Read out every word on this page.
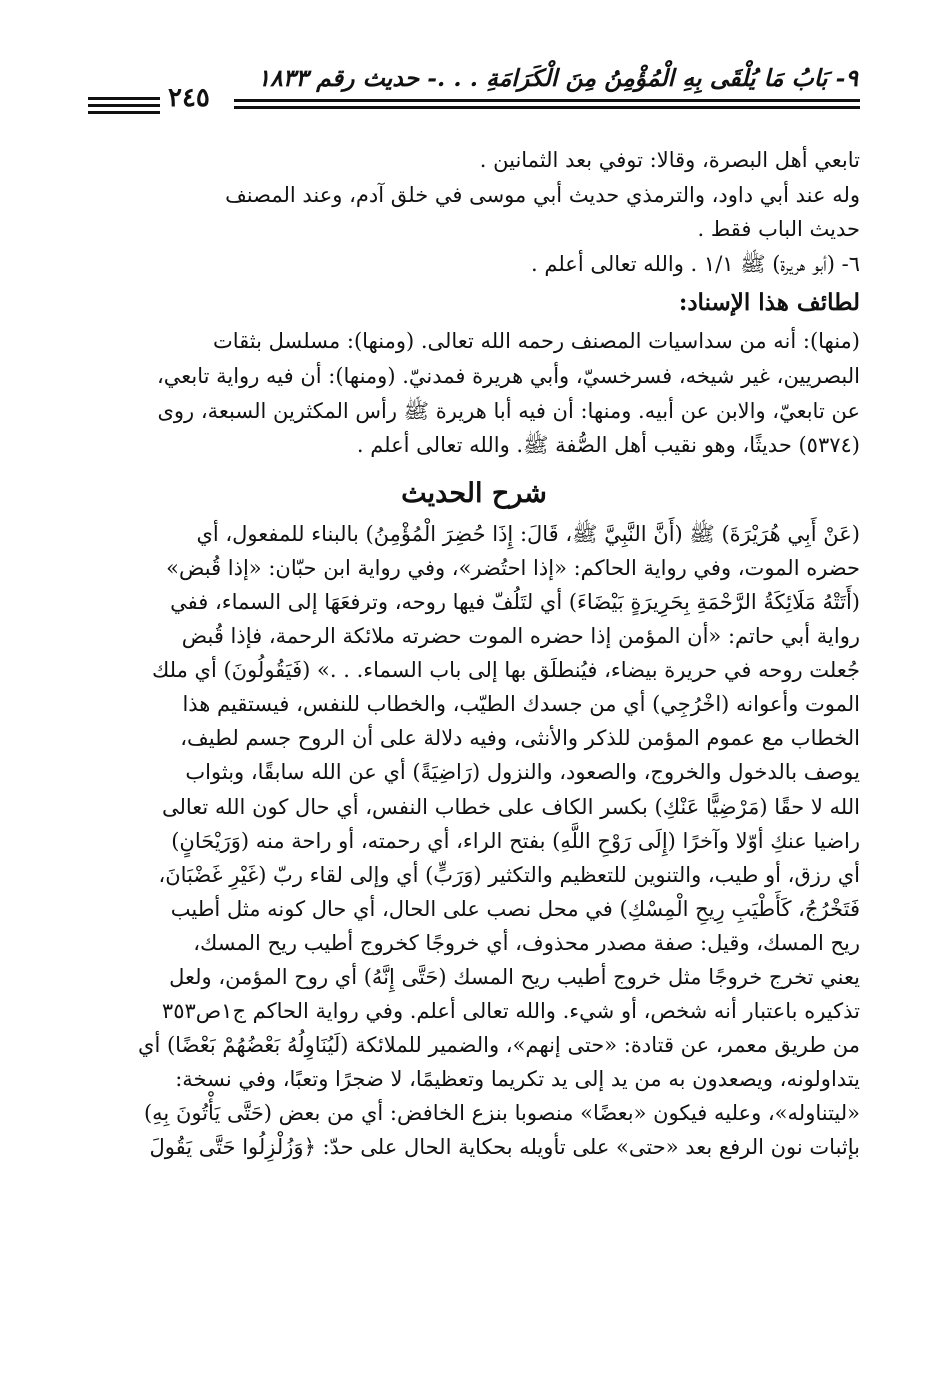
٩- بَابُ مَا يُلْقَى بِهِ الْمُؤْمِنُ مِنَ الْكَرَامَةِ . . .- حديث رقم ١٨٣٣
٢٤٥
تابعي أهل البصرة، وقالا: توفي بعد الثمانين .
وله عند أبي داود، والترمذي حديث أبي موسى في خلق آدم، وعند المصنف
حديث الباب فقط .
٦- (أبو هريرة) ﷺ ١/١ . والله تعالى أعلم .
لطائف هذا الإسناد:
(منها): أنه من سداسيات المصنف رحمه الله تعالى. (ومنها): مسلسل بثقات
البصريين، غير شيخه، فسرخسيّ، وأبي هريرة فمدنيّ. (ومنها): أن فيه رواية تابعي،
عن تابعيّ، والابن عن أبيه. ومنها: أن فيه أبا هريرة ﷺ رأس المكثرين السبعة، روى
(٥٣٧٤) حديثًا، وهو نقيب أهل الصُّفة ﷺ. والله تعالى أعلم .
شرح الحديث
(عَنْ أَبِي هُرَيْرَةَ) ﷺ (أَنَّ النَّبِيَّ ﷺ، قَالَ: إِذَا حُضِرَ الْمُؤْمِنُ) بالبناء للمفعول، أي
حضره الموت، وفي رواية الحاكم: «إذا احتُضر»، وفي رواية ابن حبّان: «إذا قُبض»
(أَتَتْهُ مَلَائِكَةُ الرَّحْمَةِ بِحَرِيرَةٍ بَيْضَاءَ) أي لتَلُفّ فيها روحه، وترفعَهَا إلى السماء، ففي
رواية أبي حاتم: «أن المؤمن إذا حضره الموت حضرته ملائكة الرحمة، فإذا قُبض
جُعلت روحه في حريرة بيضاء، فيُنطلَق بها إلى باب السماء. . .» (فَيَقُولُونَ) أي ملك
الموت وأعوانه (اخْرُجِي) أي من جسدك الطيّب، والخطاب للنفس، فيستقيم هذا
الخطاب مع عموم المؤمن للذكر والأنثى، وفيه دلالة على أن الروح جسم لطيف،
يوصف بالدخول والخروج، والصعود، والنزول (رَاضِيَةً) أي عن الله سابقًا، وبثواب
الله لا حقًا (مَرْضِيًّا عَنْكِ) بكسر الكاف على خطاب النفس، أي حال كون الله تعالى
راضيا عنكِ أوّلا وآخرًا (إِلَى رَوْحِ اللَّهِ) بفتح الراء، أي رحمته، أو راحة منه (وَرَيْحَانٍ)
أي رزق، أو طيب، والتنوين للتعظيم والتكثير (وَرَبٍّ) أي وإلى لقاء ربّ (غَيْرِ غَضْبَانَ،
فَتَخْرُجُ، كَأَطْيَبِ رِيحِ الْمِسْكِ) في محل نصب على الحال، أي حال كونه مثل أطيب
ريح المسك، وقيل: صفة مصدر محذوف، أي خروجًا كخروج أطيب ريح المسك،
يعني تخرج خروجًا مثل خروج أطيب ريح المسك (حَتَّى إِنَّهُ) أي روح المؤمن، ولعل
تذكيره باعتبار أنه شخص، أو شيء. والله تعالى أعلم. وفي رواية الحاكم ج١ص٣٥٣
من طريق معمر، عن قتادة: «حتى إنهم»، والضمير للملائكة (لَيُنَاوِلُهُ بَعْضُهُمْ بَعْضًا) أي
يتداولونه، ويصعدون به من يد إلى يد تكريما وتعظيمًا، لا ضجرًا وتعبًا، وفي نسخة:
«ليتناوله»، وعليه فيكون «بعضًا» منصوبا بنزع الخافض: أي من بعض (حَتَّى يَأْتُونَ بِهِ)
بإثبات نون الرفع بعد «حتى» على تأويله بحكاية الحال على حدّ: ﴿وَزُلْزِلُوا حَتَّى يَقُولَ
